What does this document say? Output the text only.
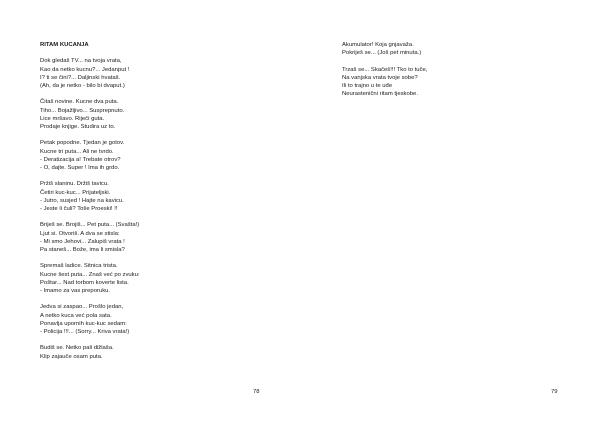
RITAM KUCANJA
Dok gledaš TV... na tvoja vrata,
Kao da netko kucnu?... Jedanput !
I? ti se čini?... Daljinski hvataš.
(Ah, da je netko - bilo bi dvaput.)
Čitaš novine. Kucne dva puta.
Tiho... Bojažljivo... Susprepnuto.
Lice mršavo. Riječi guta.
Prodaje knjige. Studira uz to.
Petak popodne. Tjedan je gotov.
Kucne tri puta... Ali ne tvrdo.
- Deratizacija a! Trebate otrov?
- O, dajte. Super ! Ima ih grdo.
Pržiš slaninu. Držiš tavicu.
Četiri kuc-kuc... Prijateljski.
- Jutro, susjed ! Hajte na kavicu.
- Jeste li čuli? Toše Proeski! !!
Briješ se. Brojiš... Pet puta... (Svašta!)
Ljut si. Otvoriš. A dva se stisla:
- Mi smo Jehovi... Zalupiš vrata !
Pa staneš... Bože, ima li smisla?
Spremaš ladice. Sitnica trista.
Kucne šest puta... Znaš već po zvuku:
Poštar... Nad torbom koverte lista.
- Imamo za vas preporuku.
Jedva si zaspao... Prošlo jedan,
A netko kuca već pola sata.
Ponavlja upornih kuc-kuc sedam:
- Policija !!!... (Sorry... Kriva vrata!)
Budiš se. Netko pali dižlaša.
Klip zajauče osam puta.
78
Akumulator! Koja gnjavaža.
Pokriješ se... (Još pet minuta.)
Trzaš se... Skačeš!!! Tko to tuče,
Na vanjska vrata tvoje sobe?
Ili to trajno u te uđe
Neurastenični ritam tjeskobe.
79
